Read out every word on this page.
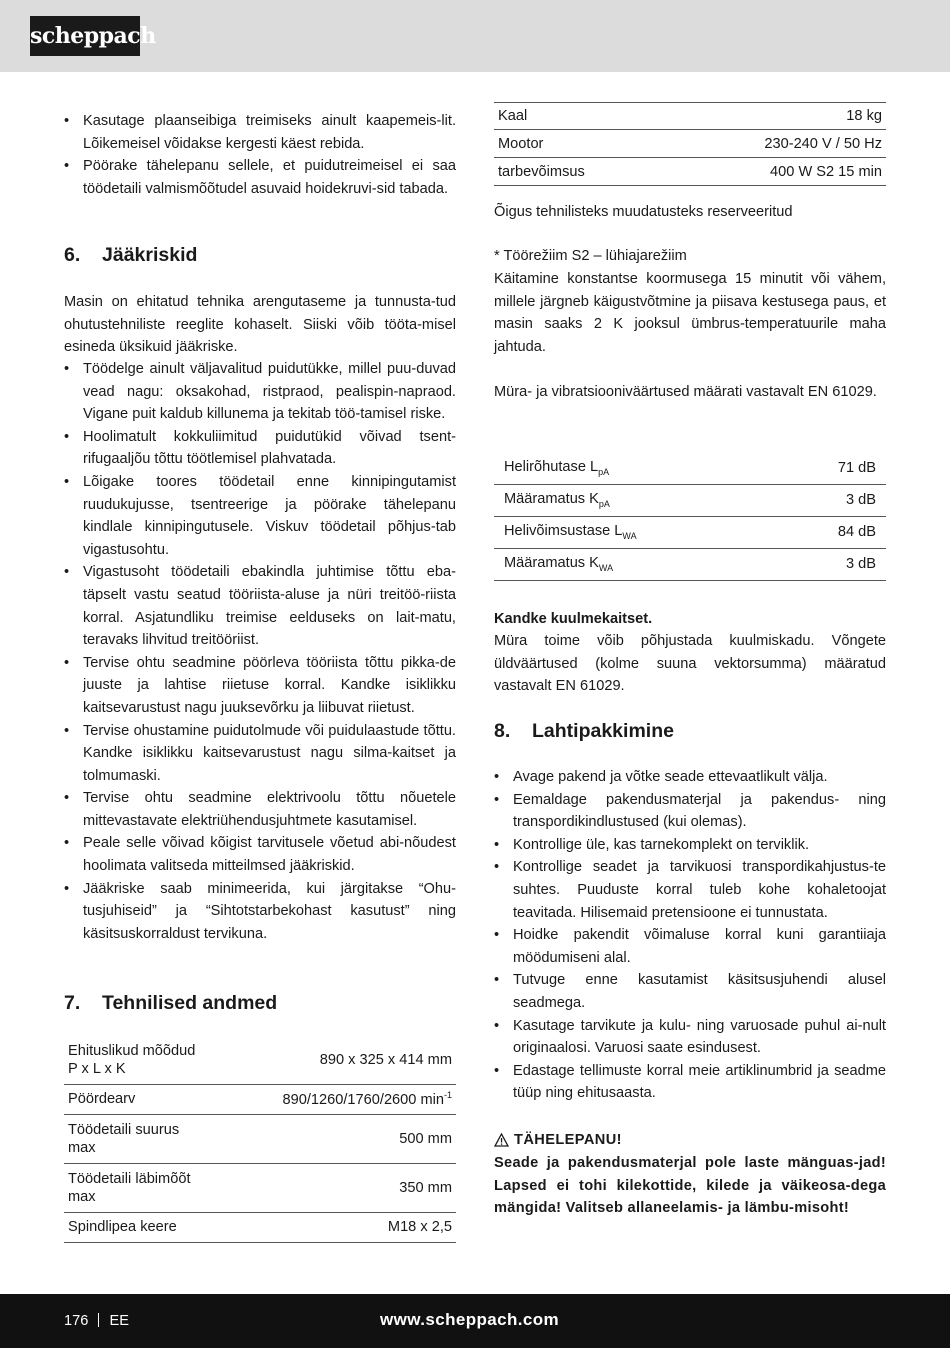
scheppach
• Kasutage plaanseibiga treimiseks ainult kaapemeis-lit. Lõikemeisel võidakse kergesti käest rebida.
• Pöörake tähelepanu sellele, et puidutreimeisel ei saa töödetaili valmismõõtudel asuvaid hoidekruvi-sid tabada.
6.	Jääkriskid

Masin on ehitatud tehnika arengutaseme ja tunnusta-tud ohutustehniliste reeglite kohaselt. Siiski võib tööta-misel esineda üksikuid jääkriske.

• Töödelge ainult väljavalitud puidutükke, millel puu-duvad vead nagu: oksakohad, ristpraod, pealispin-napraod. Vigane puit kaldub killunema ja tekitab töö-tamisel riske.
• Hoolimatult kokkuliimitud puidutükid võivad tsent-rifugaaljõu tõttu töötlemisel plahvatada.
• Lõigake toores töödetail enne kinnipingutamist ruudukujusse, tsentreerige ja pöörake tähelepanu kindlale kinnipingutusele. Viskuv töödetail põhjus-tab vigastusohtu.
• Vigastusoht töödetaili ebakindla juhtimise tõttu eba-täpselt vastu seatud tööriista-aluse ja nüri treitöö-riista korral. Asjatundliku treimise eelduseks on lait-matu, teravaks lihvitud treitööriist.
• Tervise ohtu seadmine pöörleva tööriista tõttu pikka-de juuste ja lahtise riietuse korral. Kandke isiklikku kaitsevarustust nagu juuksevõrku ja liibuvat riietust.
• Tervise ohustamine puidutolmude või puidulaastude tõttu. Kandke isiklikku kaitsevarustust nagu silma-kaitset ja tolmumaski.
• Tervise ohtu seadmine elektrivoolu tõttu nõuetele mittevastavate elektriühendusjuhtmete kasutamisel.
• Peale selle võivad kõigist tarvitusele võetud abi-nõudest hoolimata valitseda mitteilmsed jääkriskid.
• Jääkriske saab minimeerida, kui järgitakse “Ohu-tusjuhiseid” ja “Sihtotstarbekohast kasutust” ning käsitsuskorraldust tervikuna.
7.	Tehnilised andmed
Ehituslikud mõõdud
P x L x K	890 x 325 x 414 mm
Pöördearv	890/1260/1760/2600 $\min^{-1}$
Töödetaili suurus
max	500 mm
Töödetaili läbimõõt
max	350 mm
Spindlipea keere	M18 x 2,5
Kaal	18 kg
Mootor	230-240 V / 50 Hz
tarbevõimsus	400 W S2 15 min

Õigus tehnilisteks muudatusteks reserveeritud

* Töörežiim S2 – lühiajarežiim

Käitamine konstantse koormusega 15 minutit või vähem, millele järgneb käigustvõtmine ja piisava kestusega paus, et masin saaks 2 K jooksul ümbrus-temperatuurile maha jahtuda.

Müra- ja vibratsiooniväärtused määrati vastavalt EN 61029.

Helirõhutase $L_{pA}$	71 dB
Määramatus $K_{pA}$	3 dB
Helivõimsustase $L_{WA}$	84 dB
Määramatus $K_{WA}$	3 dB

Kandke kuulmekaitset.

Müra toime võib põhjustada kuulmiskadu. Võngete üldväärtused (kolme suuna vektorsumma) määratud vastavalt EN 61029.

8.	Lahtipakkimine
• Avage pakend ja võtke seade ettevaatlikult välja.
• Eemaldage pakendusmaterjal ja pakendus- ning transpordikindlustused (kui olemas).
• Kontrollige üle, kas tarnekomplekt on terviklik.
• Kontrollige seadet ja tarvikuosi transpordikahjustus-te suhtes. Puuduste korral tuleb kohe kohaletoojat teavitada. Hilisemaid pretensioone ei tunnustata.
• Hoidke pakendit võimaluse korral kuni garantiiaja möödumiseni alal.
• Tutvuge enne kasutamist käsitsusjuhendi alusel seadmega.
• Kasutage tarvikute ja kulu- ning varuosade puhul ai-nult originaalosi. Varuosi saate esindusest.
• Edastage tellimuste korral meie artiklinumbrid ja seadme tüüp ning ehitusaasta.
TÄHELEPANU!

Seade ja pakendusmaterjal pole laste mänguas-jad! Lapsed ei tohi kilekottide, kilede ja väikeosa-dega mängida! Valitseb allaneelamis- ja lämbu-misoht!

176 EE	www.scheppach.com
